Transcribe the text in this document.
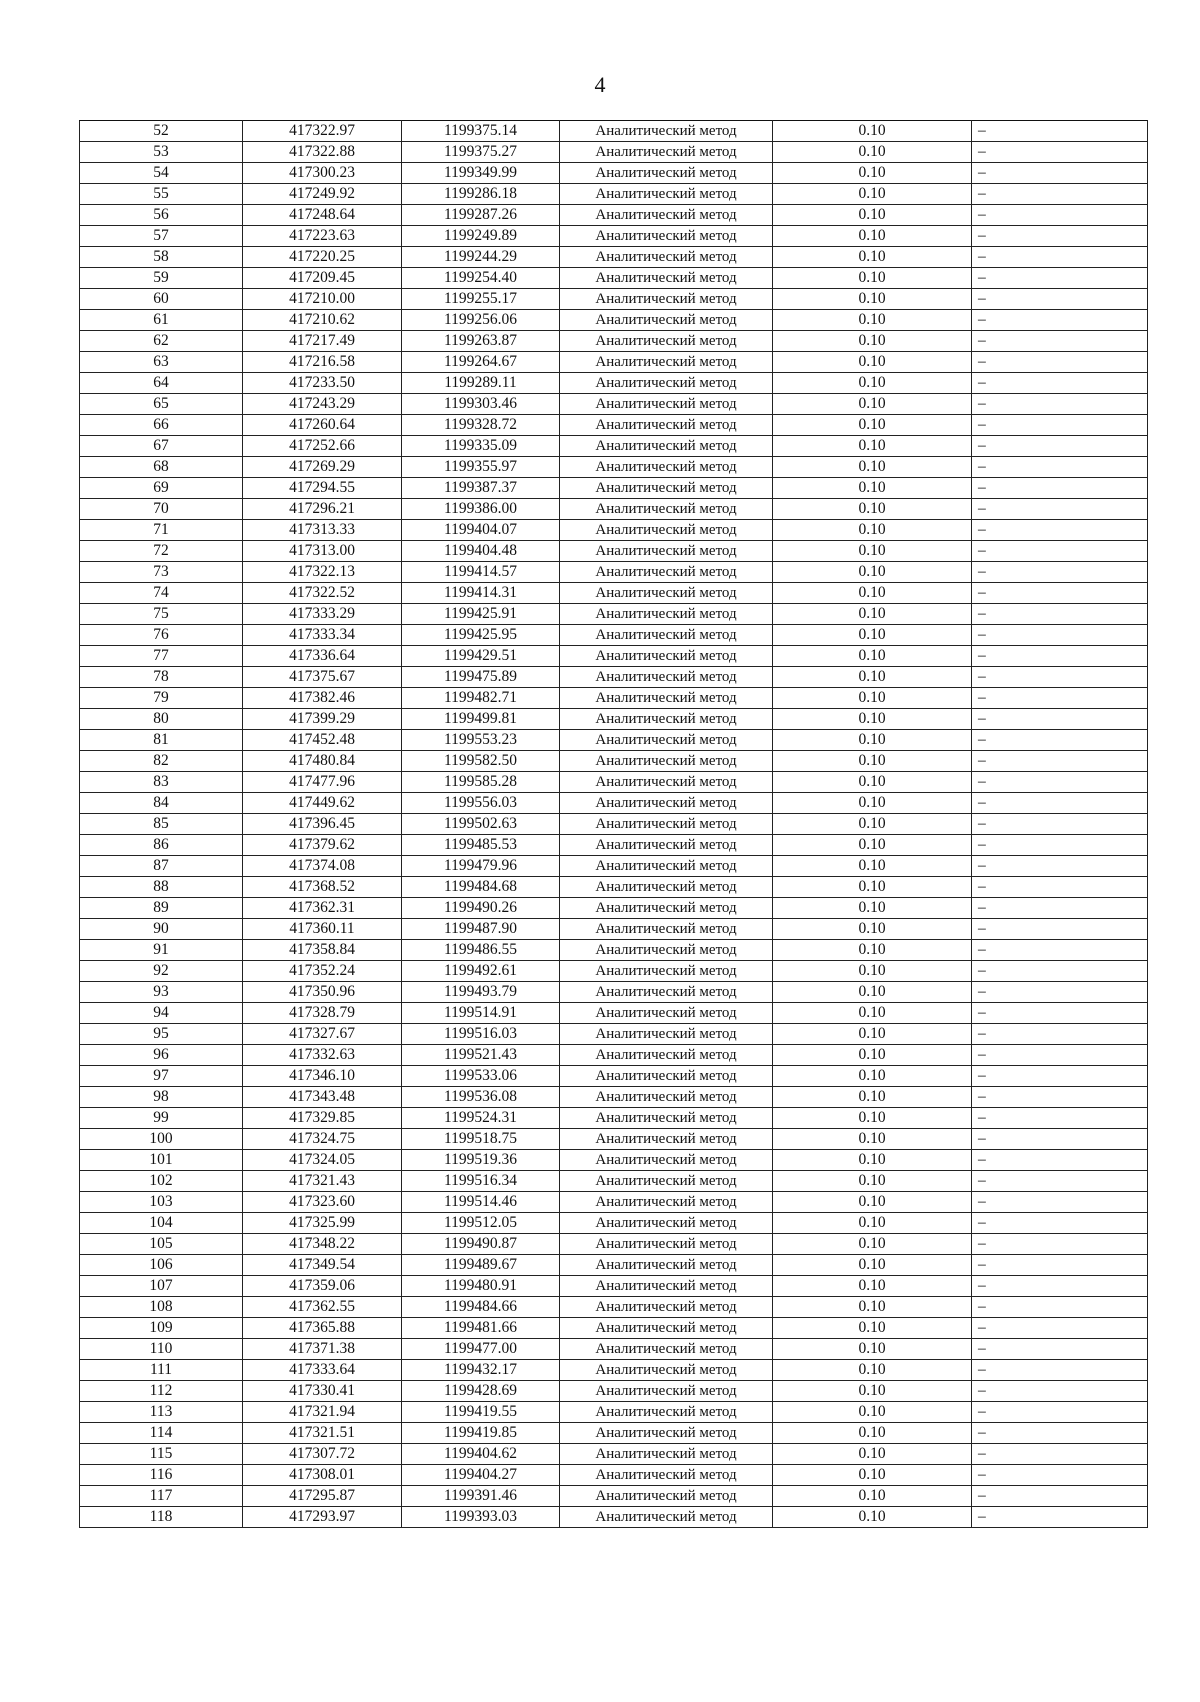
4
52	417322.97	1199375.14	Аналитический метод	0.10	–
53	417322.88	1199375.27	Аналитический метод	0.10	–
54	417300.23	1199349.99	Аналитический метод	0.10	–
55	417249.92	1199286.18	Аналитический метод	0.10	–
56	417248.64	1199287.26	Аналитический метод	0.10	–
57	417223.63	1199249.89	Аналитический метод	0.10	–
58	417220.25	1199244.29	Аналитический метод	0.10	–
59	417209.45	1199254.40	Аналитический метод	0.10	–
60	417210.00	1199255.17	Аналитический метод	0.10	–
61	417210.62	1199256.06	Аналитический метод	0.10	–
62	417217.49	1199263.87	Аналитический метод	0.10	–
63	417216.58	1199264.67	Аналитический метод	0.10	–
64	417233.50	1199289.11	Аналитический метод	0.10	–
65	417243.29	1199303.46	Аналитический метод	0.10	–
66	417260.64	1199328.72	Аналитический метод	0.10	–
67	417252.66	1199335.09	Аналитический метод	0.10	–
68	417269.29	1199355.97	Аналитический метод	0.10	–
69	417294.55	1199387.37	Аналитический метод	0.10	–
70	417296.21	1199386.00	Аналитический метод	0.10	–
71	417313.33	1199404.07	Аналитический метод	0.10	–
72	417313.00	1199404.48	Аналитический метод	0.10	–
73	417322.13	1199414.57	Аналитический метод	0.10	–
74	417322.52	1199414.31	Аналитический метод	0.10	–
75	417333.29	1199425.91	Аналитический метод	0.10	–
76	417333.34	1199425.95	Аналитический метод	0.10	–
77	417336.64	1199429.51	Аналитический метод	0.10	–
78	417375.67	1199475.89	Аналитический метод	0.10	–
79	417382.46	1199482.71	Аналитический метод	0.10	–
80	417399.29	1199499.81	Аналитический метод	0.10	–
81	417452.48	1199553.23	Аналитический метод	0.10	–
82	417480.84	1199582.50	Аналитический метод	0.10	–
83	417477.96	1199585.28	Аналитический метод	0.10	–
84	417449.62	1199556.03	Аналитический метод	0.10	–
85	417396.45	1199502.63	Аналитический метод	0.10	–
86	417379.62	1199485.53	Аналитический метод	0.10	–
87	417374.08	1199479.96	Аналитический метод	0.10	–
88	417368.52	1199484.68	Аналитический метод	0.10	–
89	417362.31	1199490.26	Аналитический метод	0.10	–
90	417360.11	1199487.90	Аналитический метод	0.10	–
91	417358.84	1199486.55	Аналитический метод	0.10	–
92	417352.24	1199492.61	Аналитический метод	0.10	–
93	417350.96	1199493.79	Аналитический метод	0.10	–
94	417328.79	1199514.91	Аналитический метод	0.10	–
95	417327.67	1199516.03	Аналитический метод	0.10	–
96	417332.63	1199521.43	Аналитический метод	0.10	–
97	417346.10	1199533.06	Аналитический метод	0.10	–
98	417343.48	1199536.08	Аналитический метод	0.10	–
99	417329.85	1199524.31	Аналитический метод	0.10	–
100	417324.75	1199518.75	Аналитический метод	0.10	–
101	417324.05	1199519.36	Аналитический метод	0.10	–
102	417321.43	1199516.34	Аналитический метод	0.10	–
103	417323.60	1199514.46	Аналитический метод	0.10	–
104	417325.99	1199512.05	Аналитический метод	0.10	–
105	417348.22	1199490.87	Аналитический метод	0.10	–
106	417349.54	1199489.67	Аналитический метод	0.10	–
107	417359.06	1199480.91	Аналитический метод	0.10	–
108	417362.55	1199484.66	Аналитический метод	0.10	–
109	417365.88	1199481.66	Аналитический метод	0.10	–
110	417371.38	1199477.00	Аналитический метод	0.10	–
111	417333.64	1199432.17	Аналитический метод	0.10	–
112	417330.41	1199428.69	Аналитический метод	0.10	–
113	417321.94	1199419.55	Аналитический метод	0.10	–
114	417321.51	1199419.85	Аналитический метод	0.10	–
115	417307.72	1199404.62	Аналитический метод	0.10	–
116	417308.01	1199404.27	Аналитический метод	0.10	–
117	417295.87	1199391.46	Аналитический метод	0.10	–
118	417293.97	1199393.03	Аналитический метод	0.10	–
